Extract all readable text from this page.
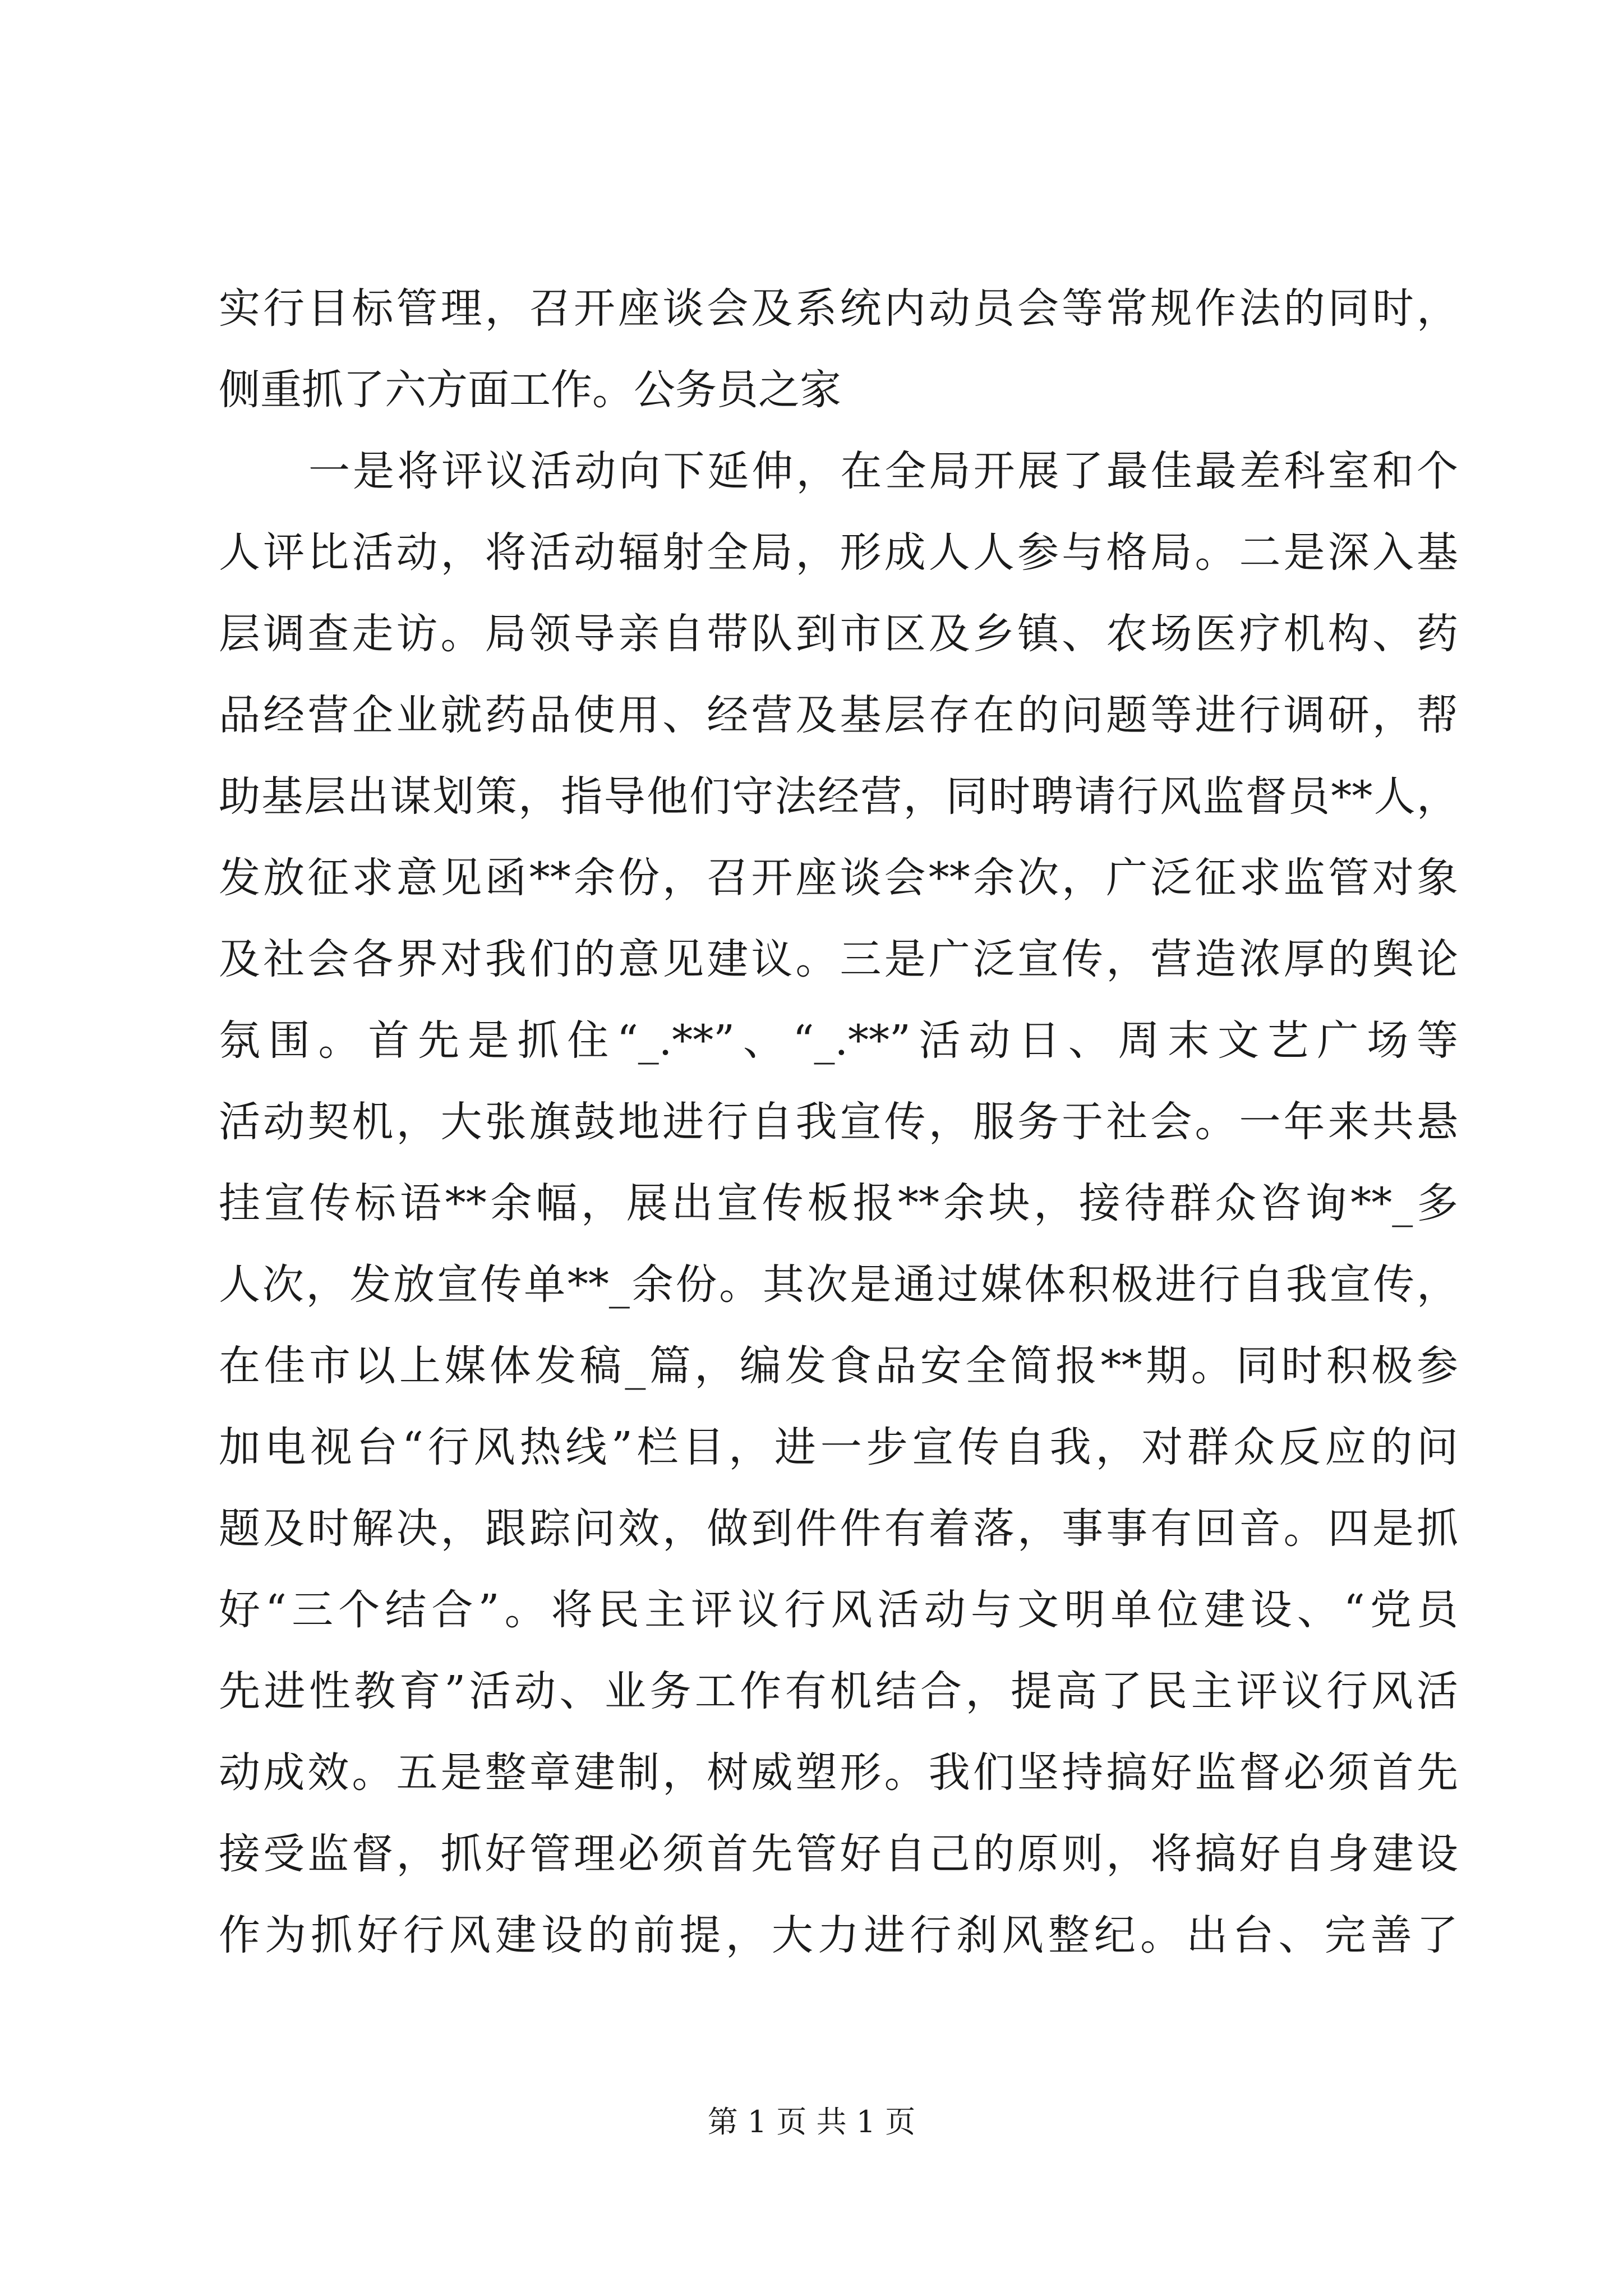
实行目标管理，召开座谈会及系统内动员会等常规作法的同时，
侧重抓了六方面工作。公务员之家
一是将评议活动向下延伸，在全局开展了最佳最差科室和个
人评比活动，将活动辐射全局，形成人人参与格局。二是深入基
层调查走访。局领导亲自带队到市区及乡镇、农场医疗机构、药
品经营企业就药品使用、经营及基层存在的问题等进行调研，帮
助基层出谋划策，指导他们守法经营，同时聘请行风监督员**人，
发放征求意见函**余份，召开座谈会**余次，广泛征求监管对象
及社会各界对我们的意见建议。三是广泛宣传，营造浓厚的舆论
氛围。首先是抓住“_.**”、“_.**”活动日、周末文艺广场等
活动契机，大张旗鼓地进行自我宣传，服务于社会。一年来共悬
挂宣传标语**余幅，展出宣传板报**余块，接待群众咨询**_多
人次，发放宣传单**_余份。其次是通过媒体积极进行自我宣传，
在佳市以上媒体发稿_篇，编发食品安全简报**期。同时积极参
加电视台“行风热线”栏目，进一步宣传自我，对群众反应的问
题及时解决，跟踪问效，做到件件有着落，事事有回音。四是抓
好“三个结合”。将民主评议行风活动与文明单位建设、“党员
先进性教育”活动、业务工作有机结合，提高了民主评议行风活
动成效。五是整章建制，树威塑形。我们坚持搞好监督必须首先
接受监督，抓好管理必须首先管好自己的原则，将搞好自身建设
作为抓好行风建设的前提，大力进行刹风整纪。出台、完善了
第 1 页 共 1 页
